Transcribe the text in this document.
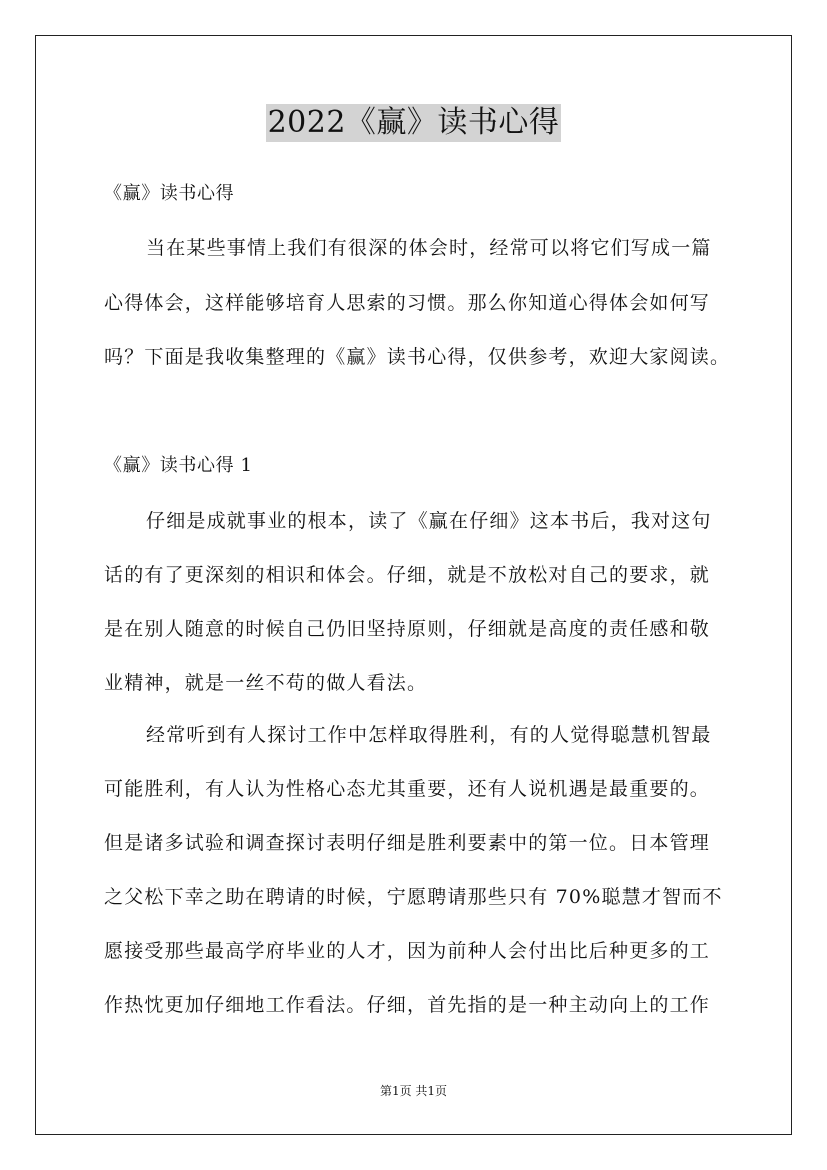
2022《赢》读书心得
《赢》读书心得
当在某些事情上我们有很深的体会时，经常可以将它们写成一篇
心得体会，这样能够培育人思索的习惯。那么你知道心得体会如何写
吗？下面是我收集整理的《赢》读书心得，仅供参考，欢迎大家阅读。
《赢》读书心得 1
仔细是成就事业的根本，读了《赢在仔细》这本书后，我对这句
话的有了更深刻的相识和体会。仔细，就是不放松对自己的要求，就
是在别人随意的时候自己仍旧坚持原则，仔细就是高度的责任感和敬
业精神，就是一丝不苟的做人看法。
经常听到有人探讨工作中怎样取得胜利，有的人觉得聪慧机智最
可能胜利，有人认为性格心态尤其重要，还有人说机遇是最重要的。
但是诸多试验和调查探讨表明仔细是胜利要素中的第一位。日本管理
之父松下幸之助在聘请的时候，宁愿聘请那些只有 70%聪慧才智而不
愿接受那些最高学府毕业的人才，因为前种人会付出比后种更多的工
作热忱更加仔细地工作看法。仔细，首先指的是一种主动向上的工作
第1页 共1页
